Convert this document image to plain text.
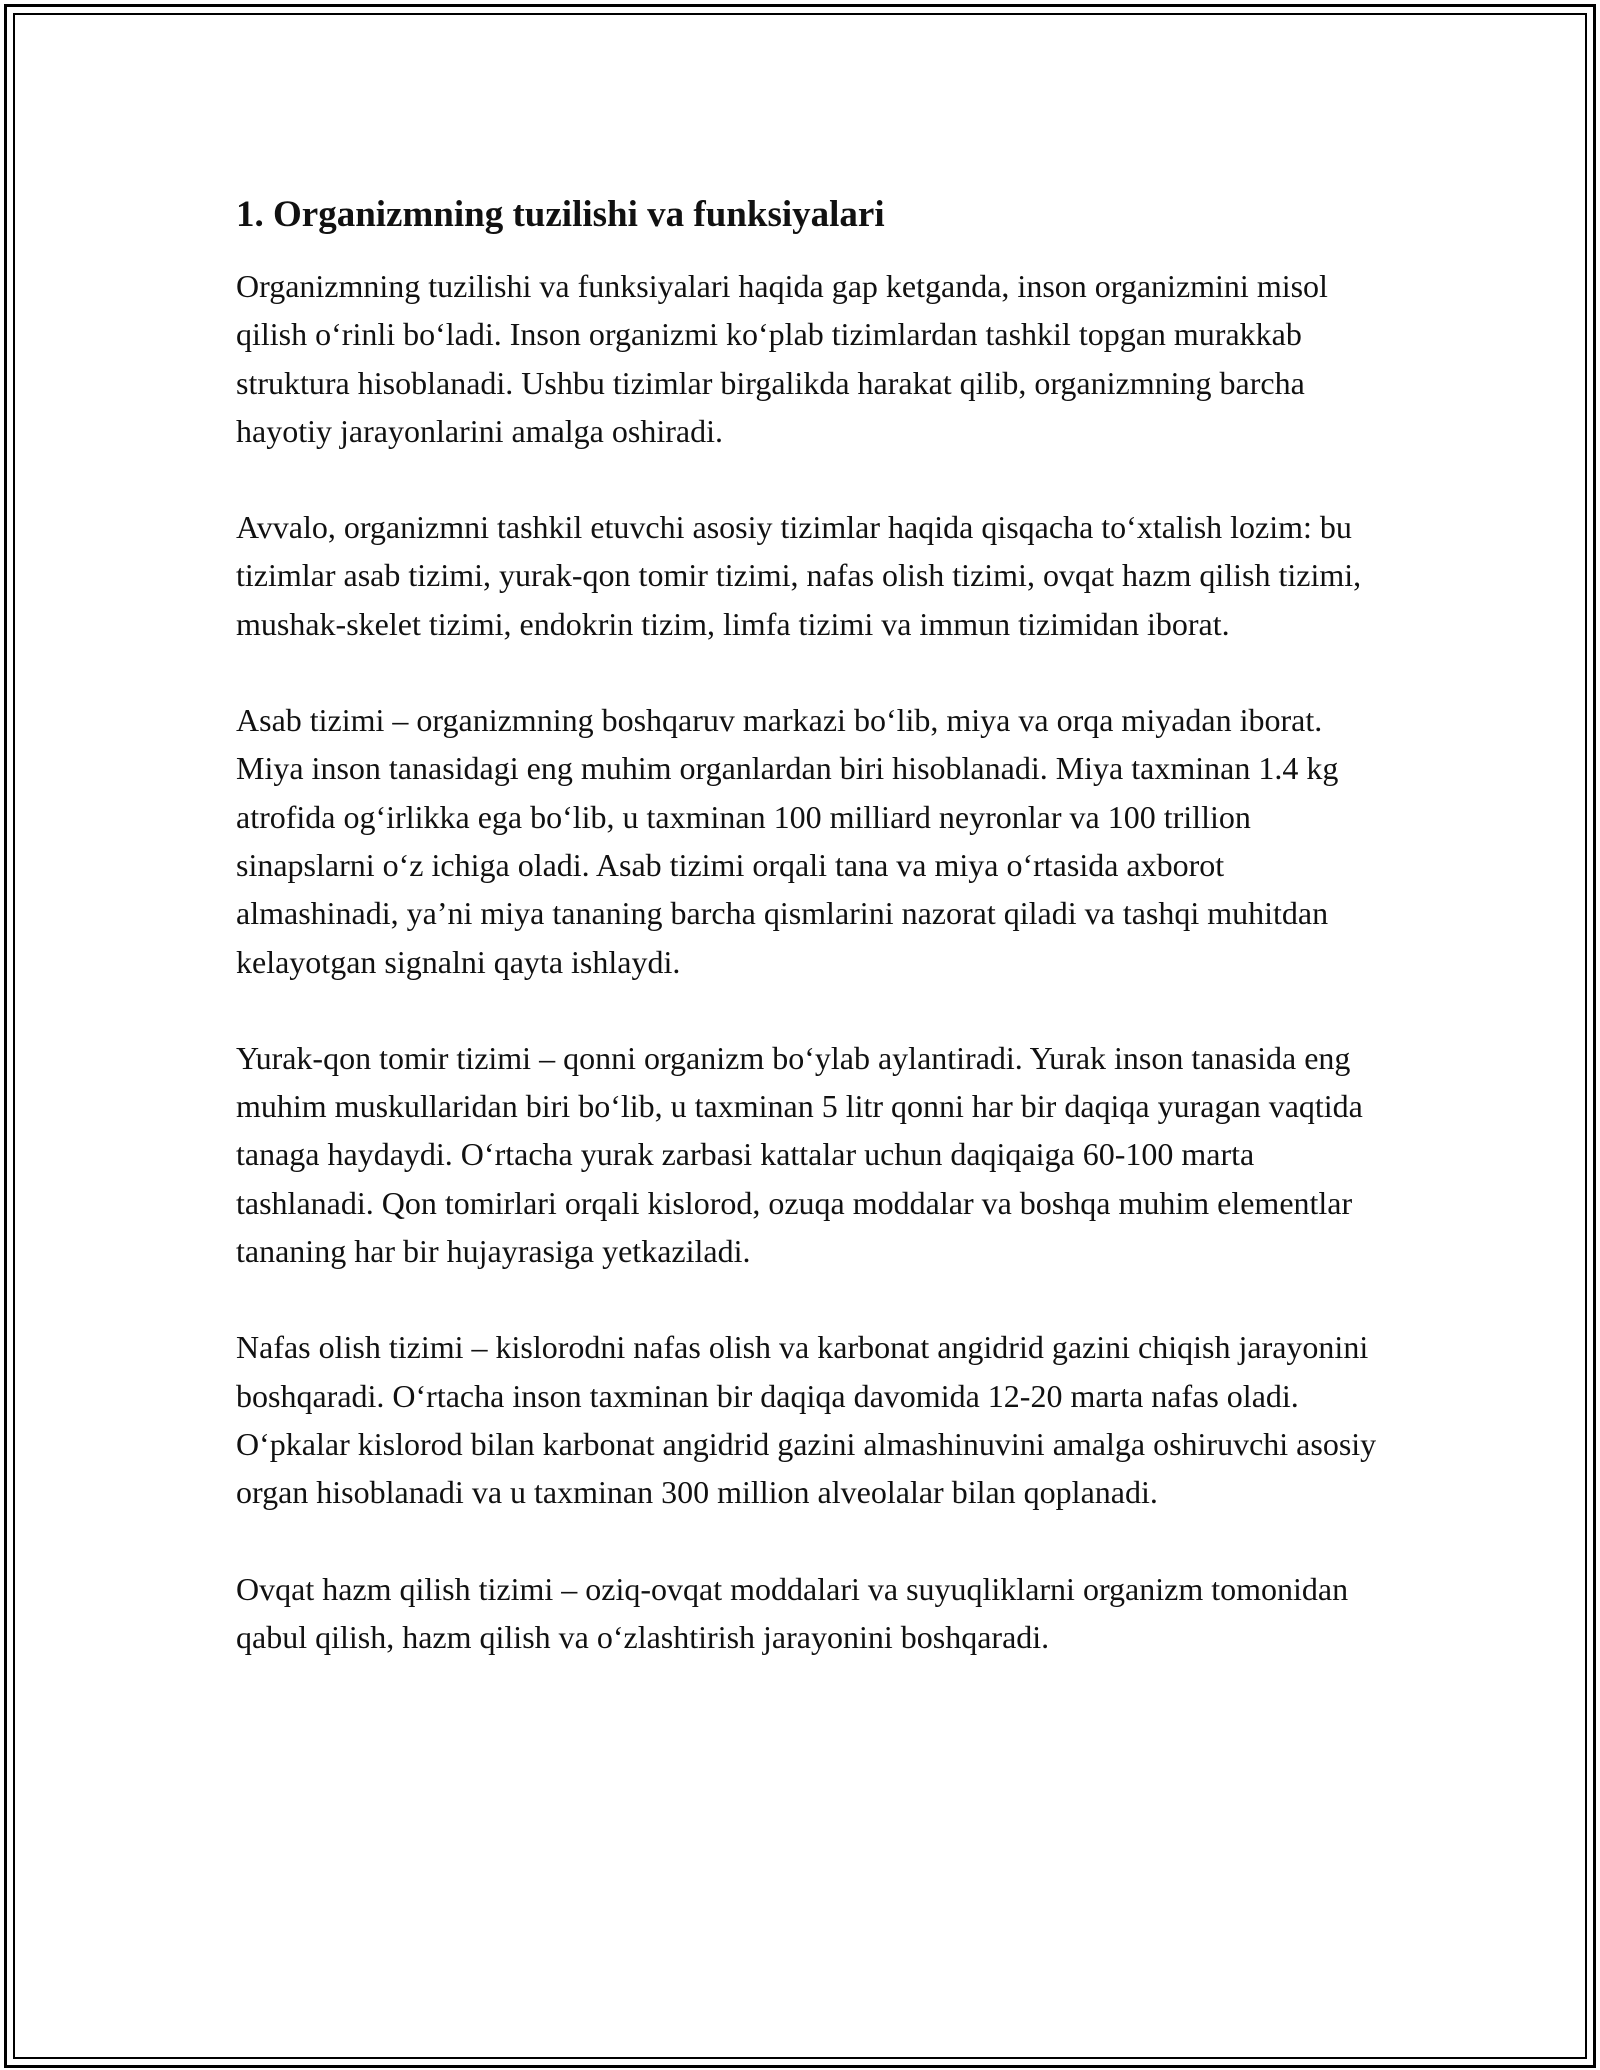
1. Organizmning tuzilishi va funksiyalari

Organizmning tuzilishi va funksiyalari haqida gap ketganda, inson organizmini misol qilish o‘rinli bo‘ladi. Inson organizmi ko‘plab tizimlardan tashkil topgan murakkab struktura hisoblanadi. Ushbu tizimlar birgalikda harakat qilib, organizmning barcha hayotiy jarayonlarini amalga oshiradi.

Avvalo, organizmni tashkil etuvchi asosiy tizimlar haqida qisqacha to‘xtalish lozim: bu tizimlar asab tizimi, yurak-qon tomir tizimi, nafas olish tizimi, ovqat hazm qilish tizimi, mushak-skelet tizimi, endokrin tizim, limfa tizimi va immun tizimidan iborat.

Asab tizimi – organizmning boshqaruv markazi bo‘lib, miya va orqa miyadan iborat. Miya inson tanasidagi eng muhim organlardan biri hisoblanadi. Miya taxminan 1.4 kg atrofida og‘irlikka ega bo‘lib, u taxminan 100 milliard neyronlar va 100 trillion sinapslarni o‘z ichiga oladi. Asab tizimi orqali tana va miya o‘rtasida axborot almashinadi, ya’ni miya tananing barcha qismlarini nazorat qiladi va tashqi muhitdan kelayotgan signalni qayta ishlaydi.

Yurak-qon tomir tizimi – qonni organizm bo‘ylab aylantiradi. Yurak inson tanasida eng muhim muskullaridan biri bo‘lib, u taxminan 5 litr qonni har bir daqiqa yuragan vaqtida tanaga haydaydi. O‘rtacha yurak zarbasi kattalar uchun daqiqaiga 60-100 marta tashlanadi. Qon tomirlari orqali kislorod, ozuqa moddalar va boshqa muhim elementlar tananing har bir hujayrasiga yetkaziladi.

Nafas olish tizimi – kislorodni nafas olish va karbonat angidrid gazini chiqish jarayonini boshqaradi. O‘rtacha inson taxminan bir daqiqa davomida 12-20 marta nafas oladi. O‘pkalar kislorod bilan karbonat angidrid gazini almashinuvini amalga oshiruvchi asosiy organ hisoblanadi va u taxminan 300 million alveolalar bilan qoplanadi.

Ovqat hazm qilish tizimi – oziq-ovqat moddalari va suyuqliklarni organizm tomonidan qabul qilish, hazm qilish va o‘zlashtirish jarayonini boshqaradi.
